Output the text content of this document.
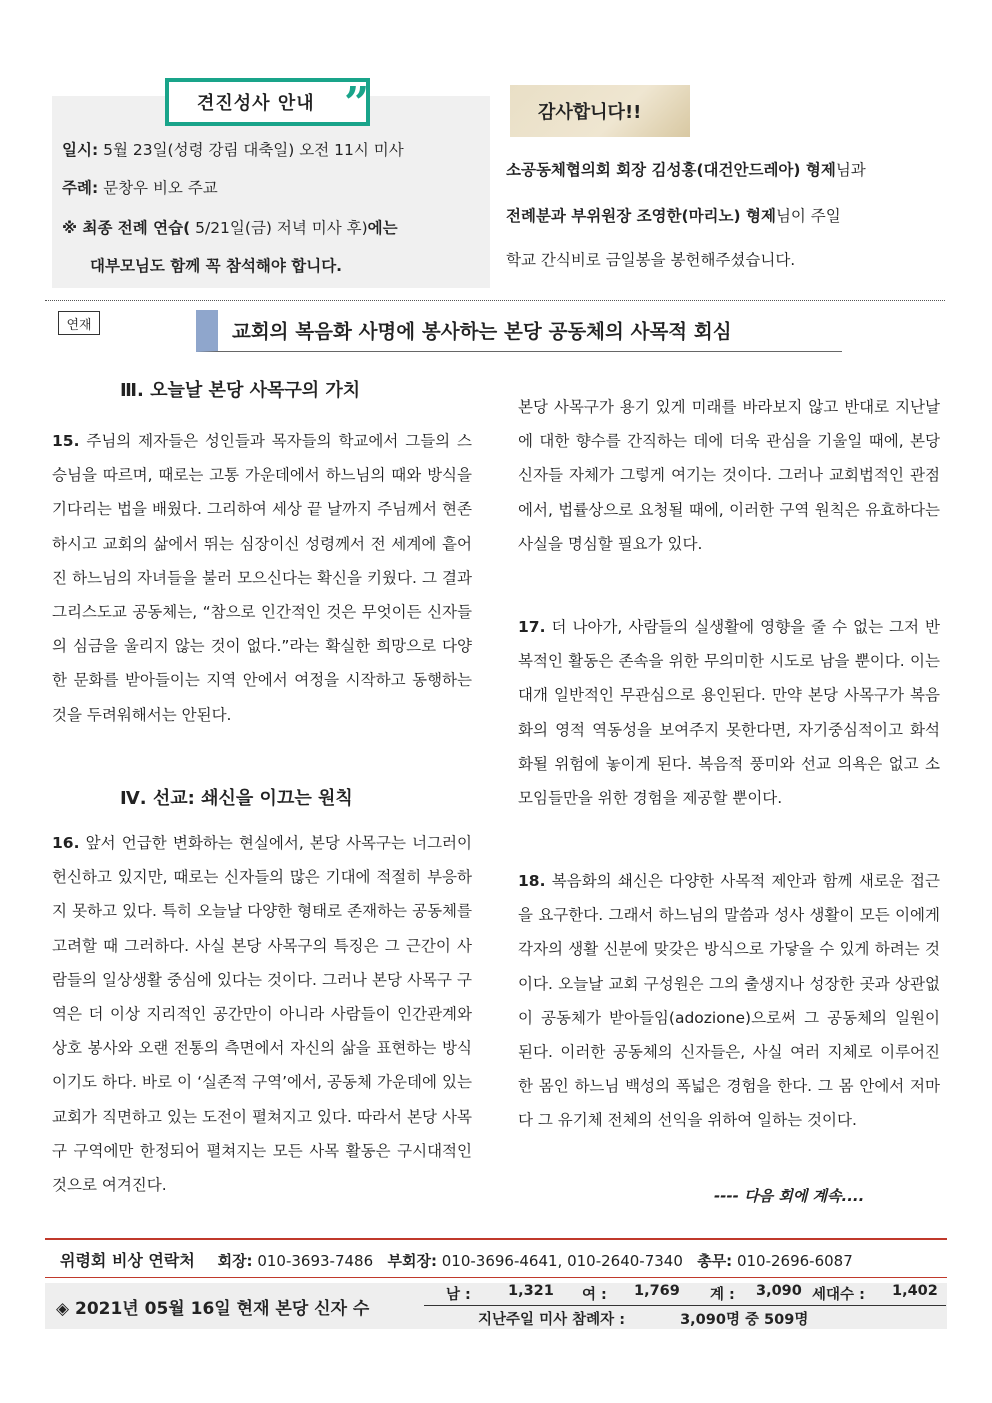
견진성사 안내 ”
일시: 5월 23일(성령 강림 대축일) 오전 11시 미사
주례: 문창우 비오 주교
※ 최종 전례 연습( 5/21일(금) 저녁 미사 후)에는
대부모님도 함께 꼭 참석해야 합니다.
감사합니다!!
소공동체협의회 회장 김성홍(대건안드레아) 형제님과
전례분과 부위원장 조영한(마리노) 형제님이 주일
학교 간식비로 금일봉을 봉헌해주셨습니다.
연재	교회의 복음화 사명에 봉사하는 본당 공동체의 사목적 회심
Ⅲ. 오늘날 본당 사목구의 가치

15. 주님의 제자들은 성인들과 목자들의 학교에서 그들의 스승님을 따르며, 때로는 고통 가운데에서 하느님의 때와 방식을 기다리는 법을 배웠다. 그리하여 세상 끝 날까지 주님께서 현존하시고 교회의 삶에서 뛰는 심장이신 성령께서 전 세계에 흩어진 하느님의 자녀들을 불러 모으신다는 확신을 키웠다. 그 결과 그리스도교 공동체는, “참으로 인간적인 것은 무엇이든 신자들의 심금을 울리지 않는 것이 없다.”라는 확실한 희망으로 다양한 문화를 받아들이는 지역 안에서 여정을 시작하고 동행하는 것을 두려워해서는 안된다.

Ⅳ. 선교: 쇄신을 이끄는 원칙

16. 앞서 언급한 변화하는 현실에서, 본당 사목구는 너그러이 헌신하고 있지만, 때로는 신자들의 많은 기대에 적절히 부응하지 못하고 있다. 특히 오늘날 다양한 형태로 존재하는 공동체를 고려할 때 그러하다. 사실 본당 사목구의 특징은 그 근간이 사람들의 일상생활 중심에 있다는 것이다. 그러나 본당 사목구 구역은 더 이상 지리적인 공간만이 아니라 사람들이 인간관계와 상호 봉사와 오랜 전통의 측면에서 자신의 삶을 표현하는 방식이기도 하다. 바로 이 ‘실존적 구역’에서, 공동체 가운데에 있는 교회가 직면하고 있는 도전이 펼쳐지고 있다. 따라서 본당 사목구 구역에만 한정되어 펼쳐지는 모든 사목 활동은 구시대적인 것으로 여겨진다.

본당 사목구가 용기 있게 미래를 바라보지 않고 반대로 지난날에 대한 향수를 간직하는 데에 더욱 관심을 기울일 때에, 본당 신자들 자체가 그렇게 여기는 것이다. 그러나 교회법적인 관점에서, 법률상으로 요청될 때에, 이러한 구역 원칙은 유효하다는 사실을 명심할 필요가 있다.

17. 더 나아가, 사람들의 실생활에 영향을 줄 수 없는 그저 반복적인 활동은 존속을 위한 무의미한 시도로 남을 뿐이다. 이는 대개 일반적인 무관심으로 용인된다. 만약 본당 사목구가 복음화의 영적 역동성을 보여주지 못한다면, 자기중심적이고 화석화될 위험에 놓이게 된다. 복음적 풍미와 선교 의욕은 없고 소모임들만을 위한 경험을 제공할 뿐이다.

18. 복음화의 쇄신은 다양한 사목적 제안과 함께 새로운 접근을 요구한다. 그래서 하느님의 말씀과 성사 생활이 모든 이에게 각자의 생활 신분에 맞갖은 방식으로 가닿을 수 있게 하려는 것이다. 오늘날 교회 구성원은 그의 출생지나 성장한 곳과 상관없이 공동체가 받아들임(adozione)으로써 그 공동체의 일원이 된다. 이러한 공동체의 신자들은, 사실 여러 지체로 이루어진 한 몸인 하느님 백성의 폭넓은 경험을 한다. 그 몸 안에서 저마다 그 유기체 전체의 선익을 위하여 일하는 것이다.

---- 다음 회에 계속....
위령회 비상 연락처 회장: 010-3693-7486 부회장: 010-3696-4641, 010-2640-7340 총무: 010-2696-6087
◈ 2021년 05월 16일 현재 본당 신자 수
남 :	1,321 여 : 1,769 계 : 3,090 세대수 : 1,402
지난주일 미사 참례자 :	3,090명 중 509명
